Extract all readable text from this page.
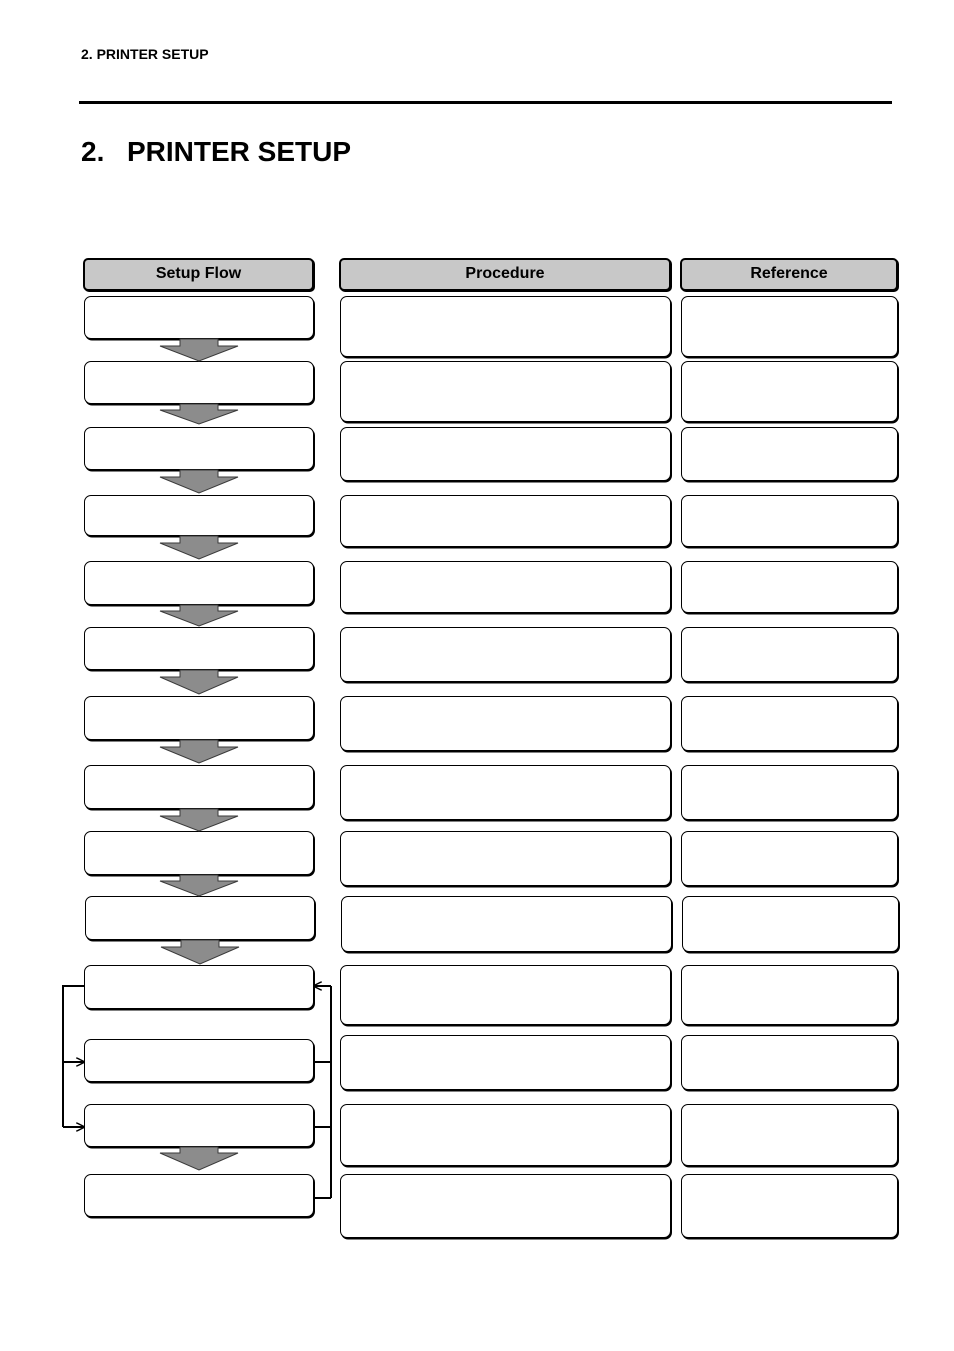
2. PRINTER SETUP
2. PRINTER SETUP
Setup Flow	Procedure	Reference
